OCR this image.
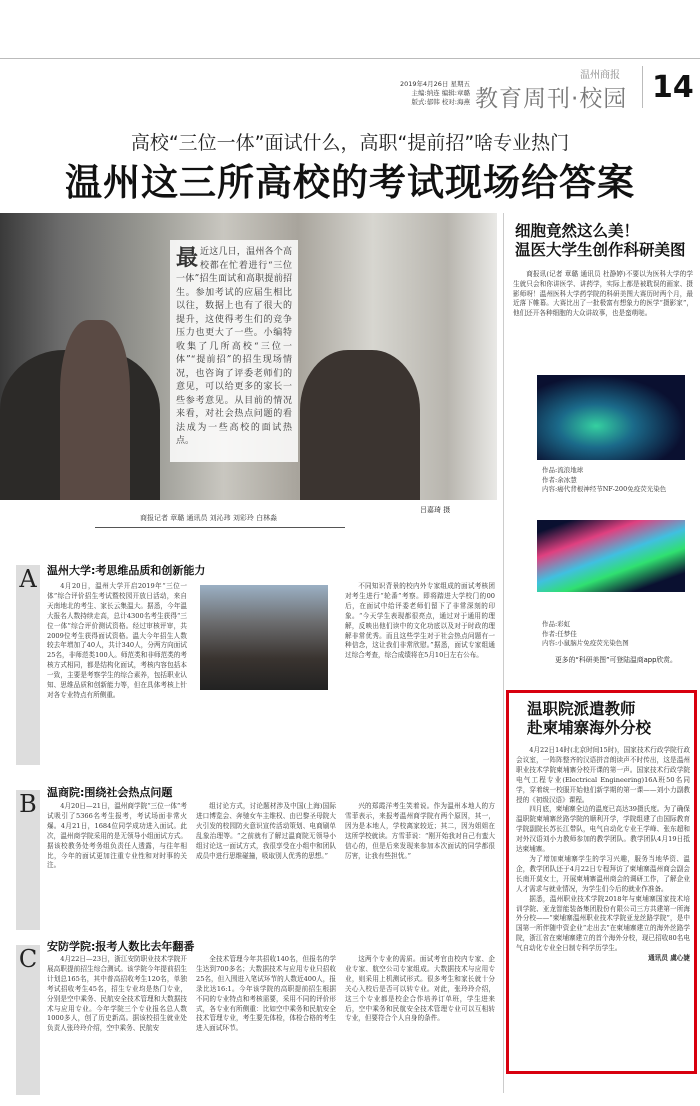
2019年4月26日 星期五
主编:纳连 编辑:章璐
版式:郁韩 校对:海燕
温州商报
教育周刊·校园 14
高校“三位一体”面试什么，高职“提前招”啥专业热门
温州这三所高校的考试现场给答案
最近这几日，温州各个高校都在忙着进行“三位一体”招生面试和高职提前招生。参加考试的应届生相比以往，数据上也有了很大的提升，这使得考生们的竞争压力也更大了一些。小编特收集了几所高校“三位一体”“提前招”的招生现场情况，也咨询了评委老师们的意见，可以给更多的家长一些参考意见。从目前的情况来看，对社会热点问题的看法成为一些高校的面试热点。
吕嘉琦 摄
商报记者 章璐 通讯员 刘沁玮 刘彩玲 白林淼
A 温州大学:考思维品质和创新能力

4月20日，温州大学开启2019年“三位一体”综合评价招生考试暨校园开放日活动，来自天南地北的考生、家长云集温大。据悉，今年温大报名人数持续走高，总计4300名考生获得“三位一体”综合评价测试资格。经过审核评审，共2009位考生获得面试资格。温大今年招生人数较去年增加了40人，共计340人，分两方向面试25名，非师范类100人。师范类和非师范类的考核方式相同，都是结构化面试，考核内容包括本一致，主要是考察学生的综合素养，包括职业认知、思维品质和创新能力等，但在具体考核上针对各专业特点有所侧重。

不同知识背景的校内外专家组成的面试考核团对考生进行“轮番”考察。即将踏进大学校门的00后，在面试中给评委老师们留下了非常深刻的印象。“今天学生表现都很亮点，通过对于通用的理解，反映出他们读中的文化功底以及对于时政的理解非常优秀。而且这些学生对于社会热点问题有一种信念，这让我们非常欣慰。”据悉，面试专家组通过综合考查，综合成绩将在5月10日左右公布。

B 温商院:围绕社会热点问题

4月20日—21日，温州商学院“三位一体”考试吸引了5366名考生报考，考试场面非常火爆。4月21日，1684位同学成功进入面试。此次，温州商学院采用的是无领导小组面试方式。据该校教务处考务组负责任人透露，与往年相比，今年的面试更加注重专业性和对时事的关注。

组讨论方式，讨论题材涉及中国(上海)国际进口博览会、奔驰女车主维权、由巴黎圣母院大火引发的校园防火意识宣传活动策划、电商刷单乱象治理等。“之前就有了解过温商院无领导小组讨论这一面试方式，我很享受在小组中和团队成员中进行思维碰撞，吸取别人优秀的思想。”

兴的郑霞洋考生笑着说。作为温州本地人的方雪菲表示，来报考温州商学院有两个原因，其一，因为是本地人，学校离家较近；其二，因为姐姐在这所学校就读。方雪菲说：“刚开始我对自己有蛮大信心的，但是后来发现来参加本次面试的同学都很厉害，让我有些担忧。”

C 安防学院:报考人数比去年翻番

4月22日—23日，浙江安防职业技术学院开展高职提前招生综合测试。该学院今年提前招生计划总165名，其中普高招收考生120名，单独考试招收考生45名，招生专业均是热门专业，分别是空中乘务、民航安全技术管理和大数据技术与应用专业。今年学院三个专业报名总人数1000多人，创了历史新高。据该校招生就业处负责人张玲玲介绍，空中乘务、民航安

全技术管理今年共招收140名，但报名的学生达到700多名；大数据技术与应用专业只招收25名，但入围进入笔试环节的人数近400人，报录比达16:1。今年该学院的高职提前招生根据不同的专业特点和考核需要，采用不同的评价形式，各专业有所侧重：比如空中乘务和民航安全技术管理专业，考生要先体检，体检合格的考生进入面试环节。

这两个专业的需质。面试考官由校内专家、企业专家、航空公司专家组成。大数据技术与应用专业，则采用上机测试形式。很多考生和家长就十分关心入校后是否可以转专业。对此，张玲玲介绍，这三个专业都是校企合作培养订单班，学生进来后，空中乘务和民航安全技术管理专业可以互相转专业，但要符合个人自身的条件。

细胞竟然这么美！
温医大学生创作科研美图
商报讯(记者 章璐 通讯员 杜静婷)不要以为医科大学的学生就只会和你讲医学、讲药学，实际上都是被耽误的画家、摄影师呀！温州医科大学药学院的科研美图大赛历时两个月，最近落下帷幕。大赛比出了一批极富有想象力的医学“摄影家”，他们还开各种细胞的大众讲故事，也是蛮萌哒。
作品:流浪地球
作者:余冰慧
内容:癌代背根神经节NF-200免疫荧光染色
作品:彩虹
作者:任梦佳
内容:小鼠脑片免疫荧光染色图
更多的“科研美图”可登陆温商app欣赏。
温职院派遣教师
赴柬埔寨海外分校

4月22日14时(北京时间15时)，国家技术行政学院行政会议室，一阵阵整齐的汉语拼音朗读声不时传出，这是温州职业技术学院柬埔寨分校开课的第一声。国家技术行政学院电气工程专业(Electrical Engineering)16A班50名同学，穿着统一校服开始他们新学期的第一课——刘小力副教授的《初级汉语》课程。

四月底，柬埔寨全边的温度已高达39摄氏度。为了确保温职院柬埔寨丝路学院的顺利开学，学院组建了由国际教育学院副院长苏长江带队，电气自动化专业王学峰、张东超和对外汉语刘小力教师参加的教学团队。教学团队4月19日抵达柬埔寨。

为了增加柬埔寨学生的学习兴趣，服务当地华资、温企，教学团队还于4月22日专程拜访了柬埔寨温州商会副会长南开莫女士，开展柬埔寨温州商会的调研工作，了解企业人才需求与就业情况，为学生们今后的就业作准备。

据悉，温州职业技术学院2018年与柬埔寨国家技术培训学院、亚龙智能装备集团股份有限公司三方共建第一所海外分校——“柬埔寨温州职业技术学院亚龙丝路学院”，是中国第一所伴随中资企业“走出去”在柬埔寨建立的海外丝路学院，浙江省在柬埔寨建立的首个海外分校，现已招收80名电气自动化专业全日制专科学历学生。

通讯员 虞心婕
